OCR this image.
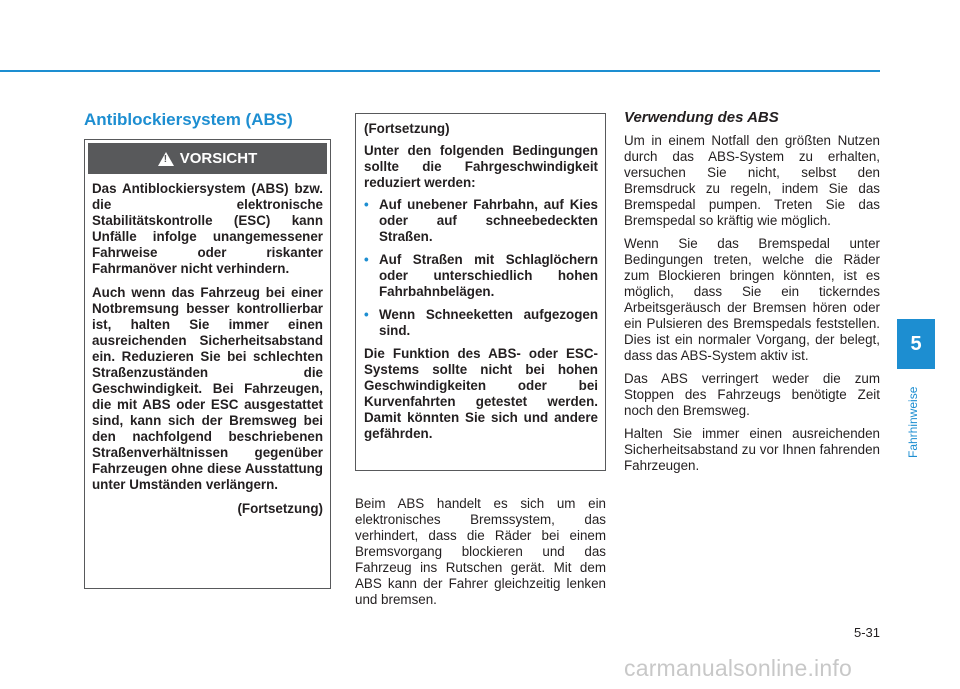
Antiblockiersystem (ABS)
! VORSICHT

Das Antiblockiersystem (ABS) bzw. die elektronische Stabilitätskontrolle (ESC) kann Unfälle infolge unangemessener Fahrweise oder riskanter Fahrmanöver nicht verhindern.

Auch wenn das Fahrzeug bei einer Notbremsung besser kontrollierbar ist, halten Sie immer einen ausreichenden Sicherheitsabstand ein. Reduzieren Sie bei schlechten Straßenzuständen die Geschwindigkeit. Bei Fahrzeugen, die mit ABS oder ESC ausgestattet sind, kann sich der Bremsweg bei den nachfolgend beschriebenen Straßenverhältnissen gegenüber Fahrzeugen ohne diese Ausstattung unter Umständen verlängern.

(Fortsetzung)

(Fortsetzung)

Unter den folgenden Bedingungen sollte die Fahrgeschwindigkeit reduziert werden:

• Auf unebener Fahrbahn, auf Kies oder auf schneebedeckten Straßen.
• Auf Straßen mit Schlaglöchern oder unterschiedlich hohen Fahrbahnbelägen.
• Wenn Schneeketten aufgezogen sind.

Die Funktion des ABS- oder ESC-Systems sollte nicht bei hohen Geschwindigkeiten oder bei Kurvenfahrten getestet werden. Damit könnten Sie sich und andere gefährden.

Beim ABS handelt es sich um ein elektronisches Bremssystem, das verhindert, dass die Räder bei einem Bremsvorgang blockieren und das Fahrzeug ins Rutschen gerät. Mit dem ABS kann der Fahrer gleichzeitig lenken und bremsen.

Verwendung des ABS

Um in einem Notfall den größten Nutzen durch das ABS-System zu erhalten, versuchen Sie nicht, selbst den Bremsdruck zu regeln, indem Sie das Bremspedal pumpen. Treten Sie das Bremspedal so kräftig wie möglich.

Wenn Sie das Bremspedal unter Bedingungen treten, welche die Räder zum Blockieren bringen könnten, ist es möglich, dass Sie ein tickerndes Arbeitsgeräusch der Bremsen hören oder ein Pulsieren des Bremspedals feststellen. Dies ist ein normaler Vorgang, der belegt, dass das ABS-System aktiv ist.

Das ABS verringert weder die zum Stoppen des Fahrzeugs benötigte Zeit noch den Bremsweg.

Halten Sie immer einen ausreichenden Sicherheitsabstand zu vor Ihnen fahrenden Fahrzeugen.

5
Fahrhinweise
5-31
carmanualsonline.info
